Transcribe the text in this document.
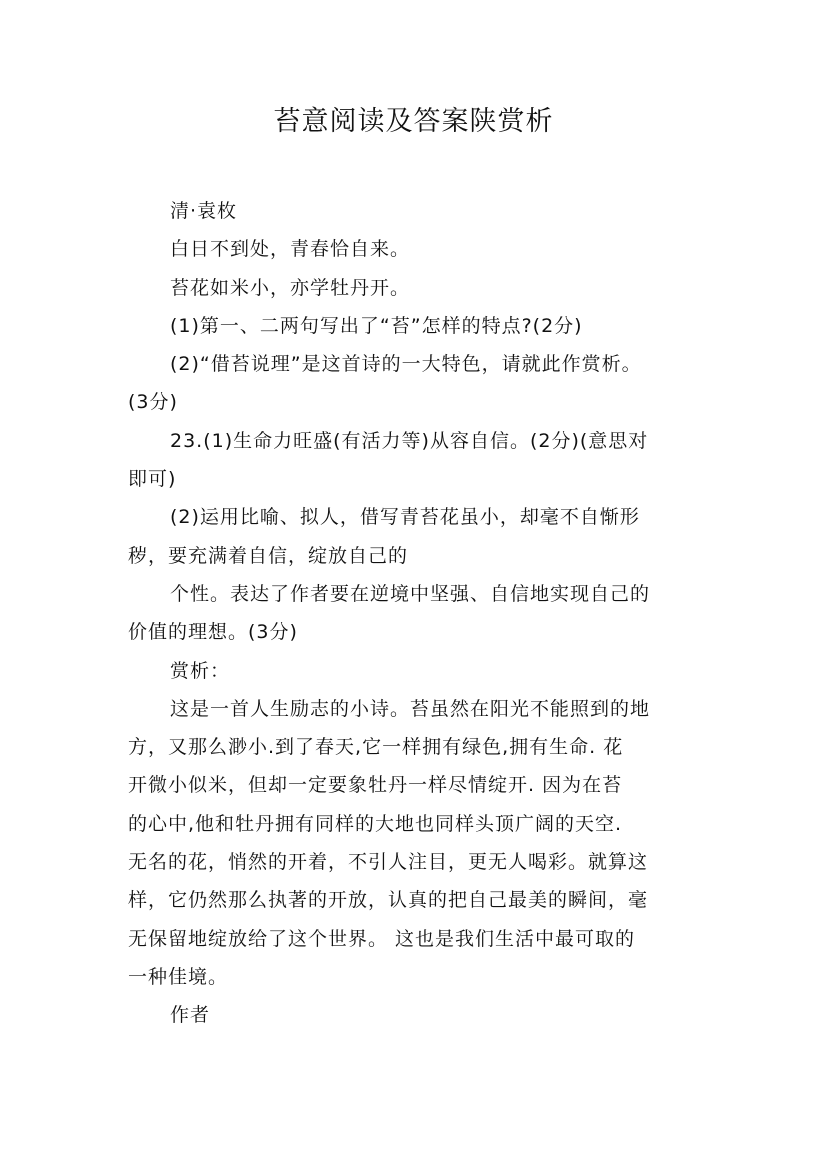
苔意阅读及答案陕赏析

清·袁枚

白日不到处，青春恰自来。

苔花如米小，亦学牡丹开。

(1)第一、二两句写出了“苔”怎样的特点?(2分)

(2)“借苔说理”是这首诗的一大特色，请就此作赏析。

(3分)

23.(1)生命力旺盛(有活力等)从容自信。(2分)(意思对

即可)

(2)运用比喻、拟人，借写青苔花虽小，却毫不自惭形

秽，要充满着自信，绽放自己的

个性。表达了作者要在逆境中坚强、自信地实现自己的

价值的理想。(3分)

赏析：

这是一首人生励志的小诗。苔虽然在阳光不能照到的地

方，又那么渺小.到了春天,它一样拥有绿色,拥有生命. 花

开微小似米，但却一定要象牡丹一样尽情绽开. 因为在苔

的心中,他和牡丹拥有同样的大地也同样头顶广阔的天空.

无名的花，悄然的开着，不引人注目，更无人喝彩。就算这

样，它仍然那么执著的开放，认真的把自己最美的瞬间，毫

无保留地绽放给了这个世界。 这也是我们生活中最可取的

一种佳境。

作者
